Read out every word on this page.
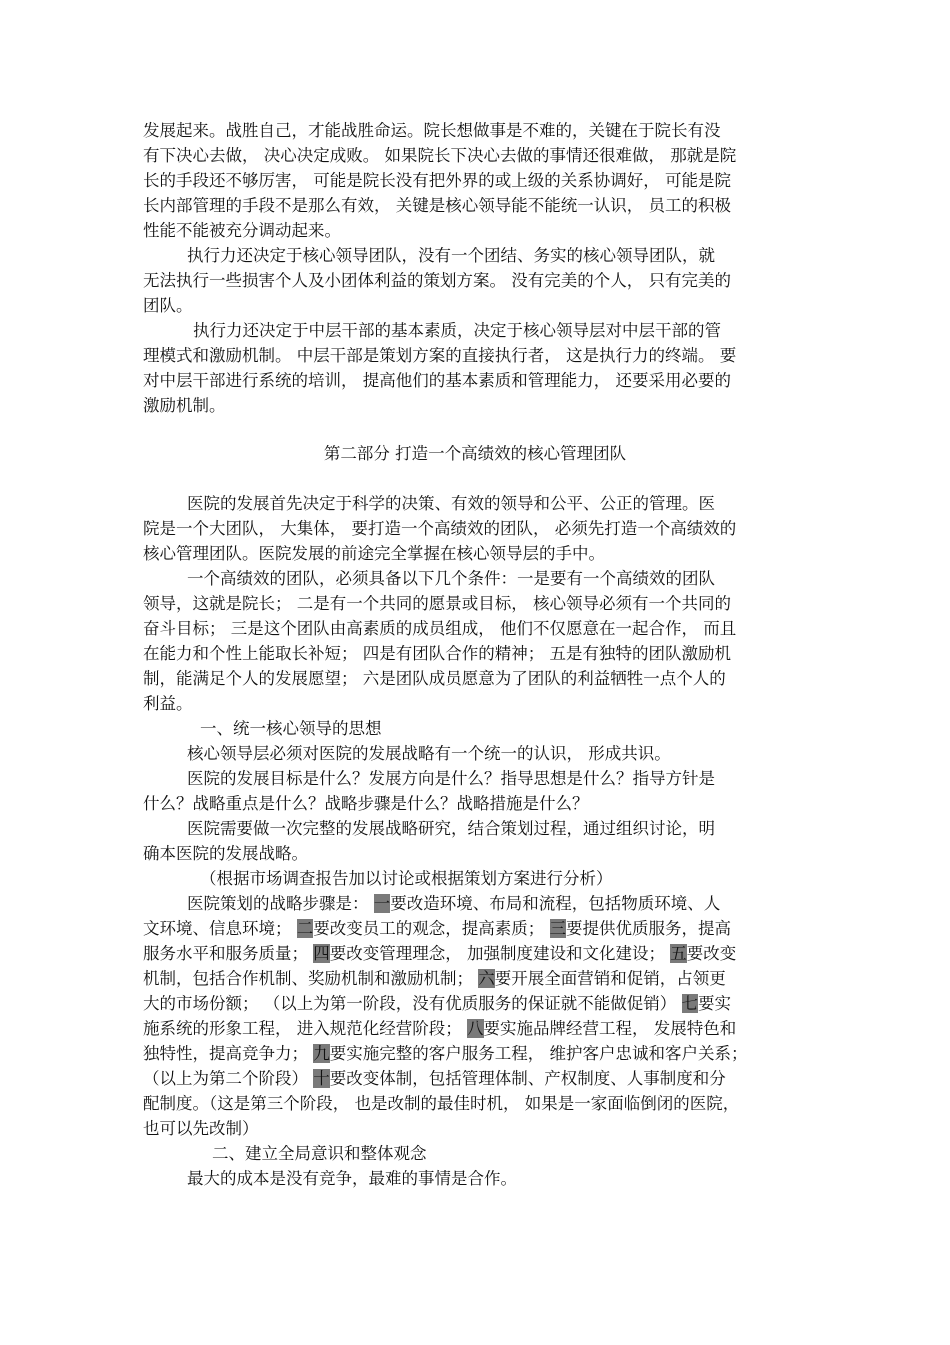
发展起来。战胜自己，才能战胜命运。院长想做事是不难的，关键在于院长有没
有下决心去做， 决心决定成败。 如果院长下决心去做的事情还很难做， 那就是院
长的手段还不够厉害， 可能是院长没有把外界的或上级的关系协调好， 可能是院
长内部管理的手段不是那么有效， 关键是核心领导能不能统一认识， 员工的积极
性能不能被充分调动起来。
执行力还决定于核心领导团队，没有一个团结、务实的核心领导团队，就
无法执行一些损害个人及小团体利益的策划方案。 没有完美的个人， 只有完美的
团队。
执行力还决定于中层干部的基本素质，决定于核心领导层对中层干部的管
理模式和激励机制。 中层干部是策划方案的直接执行者， 这是执行力的终端。 要
对中层干部进行系统的培训， 提高他们的基本素质和管理能力， 还要采用必要的
激励机制。
第二部分 打造一个高绩效的核心管理团队
医院的发展首先决定于科学的决策、有效的领导和公平、公正的管理。医
院是一个大团队， 大集体， 要打造一个高绩效的团队， 必须先打造一个高绩效的
核心管理团队。医院发展的前途完全掌握在核心领导层的手中。
一个高绩效的团队，必须具备以下几个条件：一是要有一个高绩效的团队
领导，这就是院长； 二是有一个共同的愿景或目标， 核心领导必须有一个共同的
奋斗目标； 三是这个团队由高素质的成员组成， 他们不仅愿意在一起合作， 而且
在能力和个性上能取长补短； 四是有团队合作的精神； 五是有独特的团队激励机
制，能满足个人的发展愿望； 六是团队成员愿意为了团队的利益牺牲一点个人的
利益。
一、统一核心领导的思想
核心领导层必须对医院的发展战略有一个统一的认识， 形成共识。
医院的发展目标是什么？发展方向是什么？指导思想是什么？指导方针是
什么？战略重点是什么？战略步骤是什么？战略措施是什么？
医院需要做一次完整的发展战略研究，结合策划过程，通过组织讨论，明
确本医院的发展战略。
（根据市场调查报告加以讨论或根据策划方案进行分析）
医院策划的战略步骤是： 一要改造环境、布局和流程，包括物质环境、人
文环境、信息环境； 二要改变员工的观念，提高素质； 三要提供优质服务，提高
服务水平和服务质量； 四要改变管理理念， 加强制度建设和文化建设； 五要改变
机制，包括合作机制、奖励机制和激励机制； 六要开展全面营销和促销，占领更
大的市场份额； （以上为第一阶段，没有优质服务的保证就不能做促销） 七要实
施系统的形象工程， 进入规范化经营阶段； 八要实施品牌经营工程， 发展特色和
独特性，提高竞争力； 九要实施完整的客户服务工程， 维护客户忠诚和客户关系；
（以上为第二个阶段） 十要改变体制，包括管理体制、产权制度、人事制度和分
配制度。（这是第三个阶段， 也是改制的最佳时机， 如果是一家面临倒闭的医院，
也可以先改制）
二、建立全局意识和整体观念
最大的成本是没有竞争，最难的事情是合作。
